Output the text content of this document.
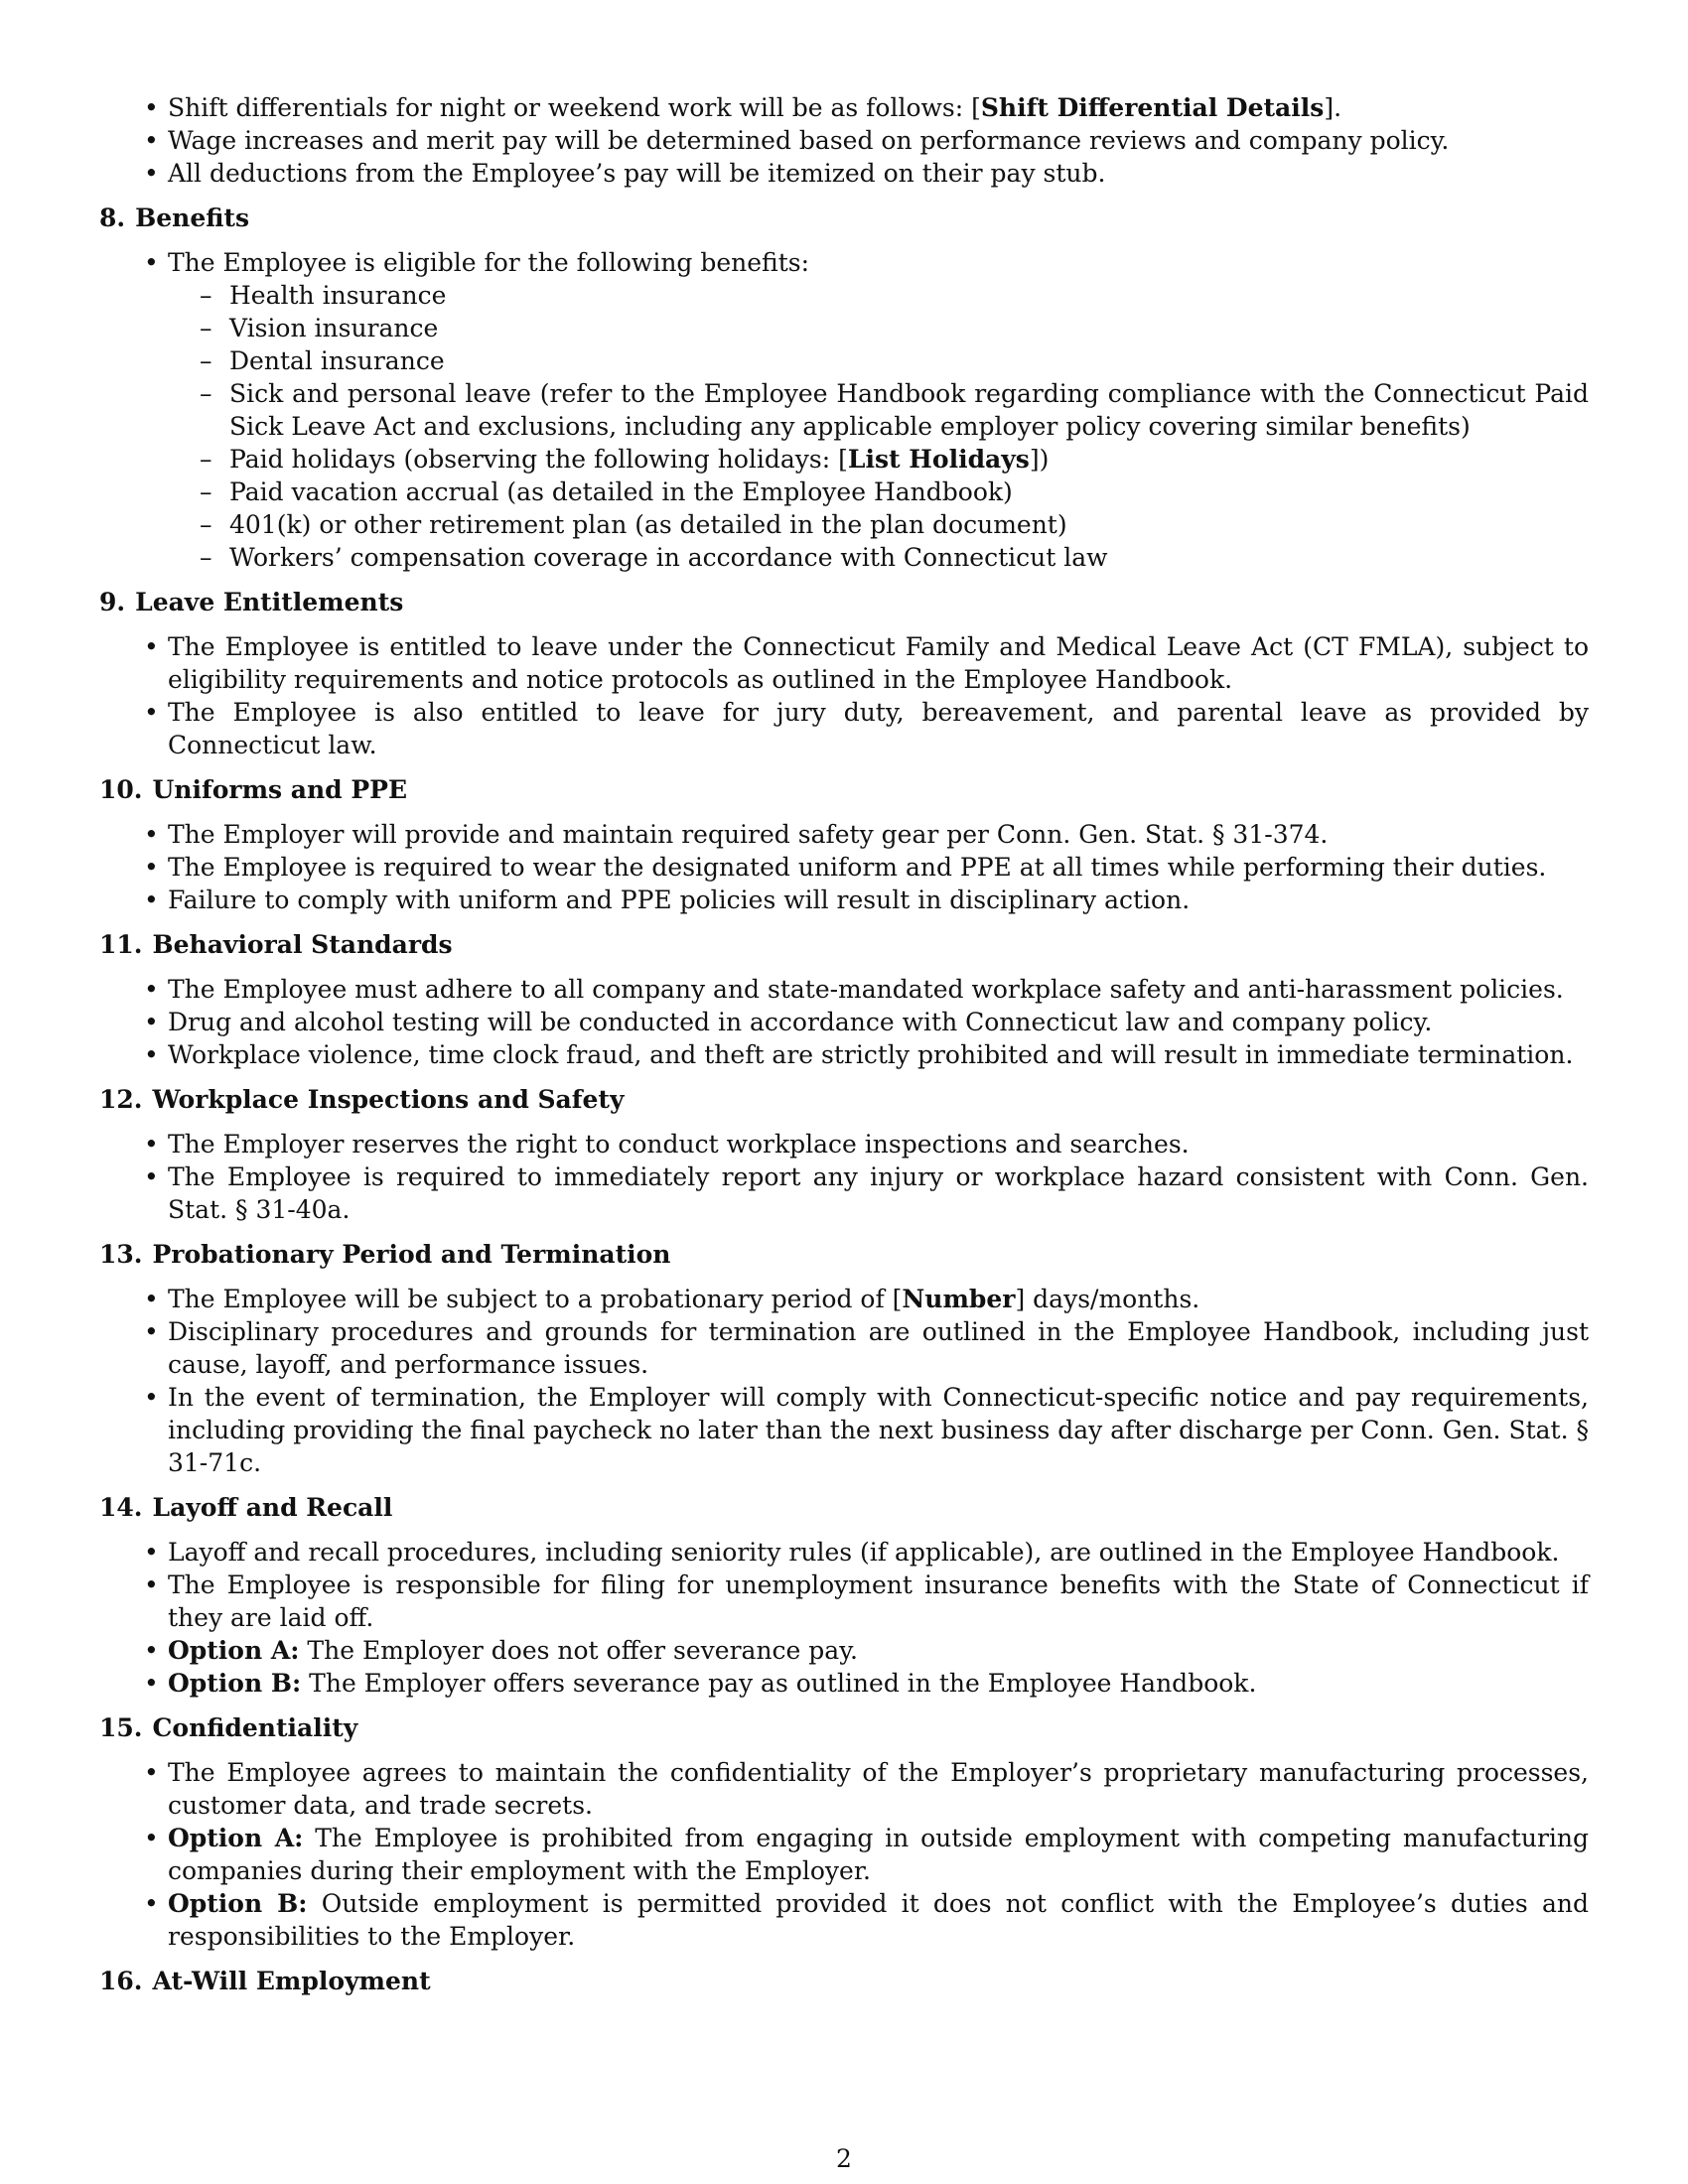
• Shift differentials for night or weekend work will be as follows: [Shift Differential Details].
• Wage increases and merit pay will be determined based on performance reviews and company policy.
• All deductions from the Employee’s pay will be itemized on their pay stub.
8. Benefits
• The Employee is eligible for the following benefits:
– Health insurance
– Vision insurance
– Dental insurance
– Sick and personal leave (refer to the Employee Handbook regarding compliance with the Connecticut Paid Sick Leave Act and exclusions, including any applicable employer policy covering similar benefits)
– Paid holidays (observing the following holidays: [List Holidays])
– Paid vacation accrual (as detailed in the Employee Handbook)
– 401(k) or other retirement plan (as detailed in the plan document)
– Workers’ compensation coverage in accordance with Connecticut law
9. Leave Entitlements
• The Employee is entitled to leave under the Connecticut Family and Medical Leave Act (CT FMLA), subject to eligibility requirements and notice protocols as outlined in the Employee Handbook.
• The Employee is also entitled to leave for jury duty, bereavement, and parental leave as provided by Connecticut law.
10. Uniforms and PPE
• The Employer will provide and maintain required safety gear per Conn. Gen. Stat. § 31-374.
• The Employee is required to wear the designated uniform and PPE at all times while performing their duties.
• Failure to comply with uniform and PPE policies will result in disciplinary action.
11. Behavioral Standards
• The Employee must adhere to all company and state-mandated workplace safety and anti-harassment policies.
• Drug and alcohol testing will be conducted in accordance with Connecticut law and company policy.
• Workplace violence, time clock fraud, and theft are strictly prohibited and will result in immediate termination.
12. Workplace Inspections and Safety
• The Employer reserves the right to conduct workplace inspections and searches.
• The Employee is required to immediately report any injury or workplace hazard consistent with Conn. Gen. Stat. § 31-40a.
13. Probationary Period and Termination
• The Employee will be subject to a probationary period of [Number] days/months.
• Disciplinary procedures and grounds for termination are outlined in the Employee Handbook, including just cause, layoff, and performance issues.
• In the event of termination, the Employer will comply with Connecticut-specific notice and pay requirements, including providing the final paycheck no later than the next business day after discharge per Conn. Gen. Stat. § 31-71c.
14. Layoff and Recall
• Layoff and recall procedures, including seniority rules (if applicable), are outlined in the Employee Handbook.
• The Employee is responsible for filing for unemployment insurance benefits with the State of Connecticut if they are laid off.
• Option A: The Employer does not offer severance pay.
• Option B: The Employer offers severance pay as outlined in the Employee Handbook.
15. Confidentiality
• The Employee agrees to maintain the confidentiality of the Employer’s proprietary manufacturing processes, customer data, and trade secrets.
• Option A: The Employee is prohibited from engaging in outside employment with competing manufacturing companies during their employment with the Employer.
• Option B: Outside employment is permitted provided it does not conflict with the Employee’s duties and responsibilities to the Employer.
16. At-Will Employment
2
